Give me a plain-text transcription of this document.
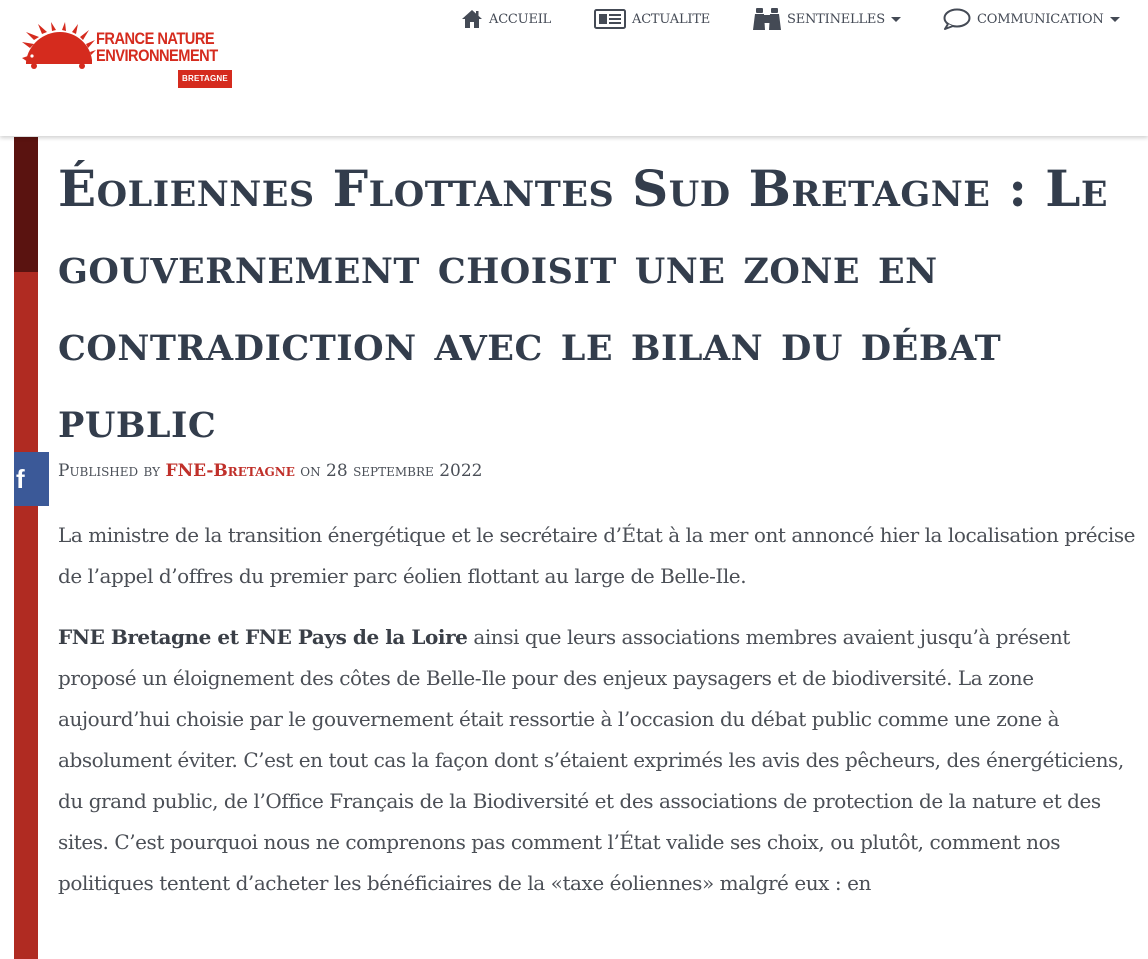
FRANCE NATURE
ENVIRONNEMENT
BRETAGNE
ACCUEIL	ACTUALITE	SENTINELLES	COMMUNICATION
f
Éoliennes Flottantes Sud Bretagne : Le gouvernement choisit une zone en contradiction avec le bilan du débat public
Published by FNE-Bretagne on 28 septembre 2022

La ministre de la transition énergétique et le secrétaire d’État à la mer ont annoncé hier la localisation précise de l’appel d’offres du premier parc éolien flottant au large de Belle-Ile.

FNE Bretagne et FNE Pays de la Loire ainsi que leurs associations membres avaient jusqu’à présent proposé un éloignement des côtes de Belle-Ile pour des enjeux paysagers et de biodiversité. La zone aujourd’hui choisie par le gouvernement était ressortie à l’occasion du débat public comme une zone à absolument éviter. C’est en tout cas la façon dont s’étaient exprimés les avis des pêcheurs, des énergéticiens, du grand public, de l’Office Français de la Biodiversité et des associations de protection de la nature et des sites. C’est pourquoi nous ne comprenons pas comment l’État valide ses choix, ou plutôt, comment nos politiques tentent d’acheter les bénéficiaires de la «taxe éoliennes» malgré eux : en
